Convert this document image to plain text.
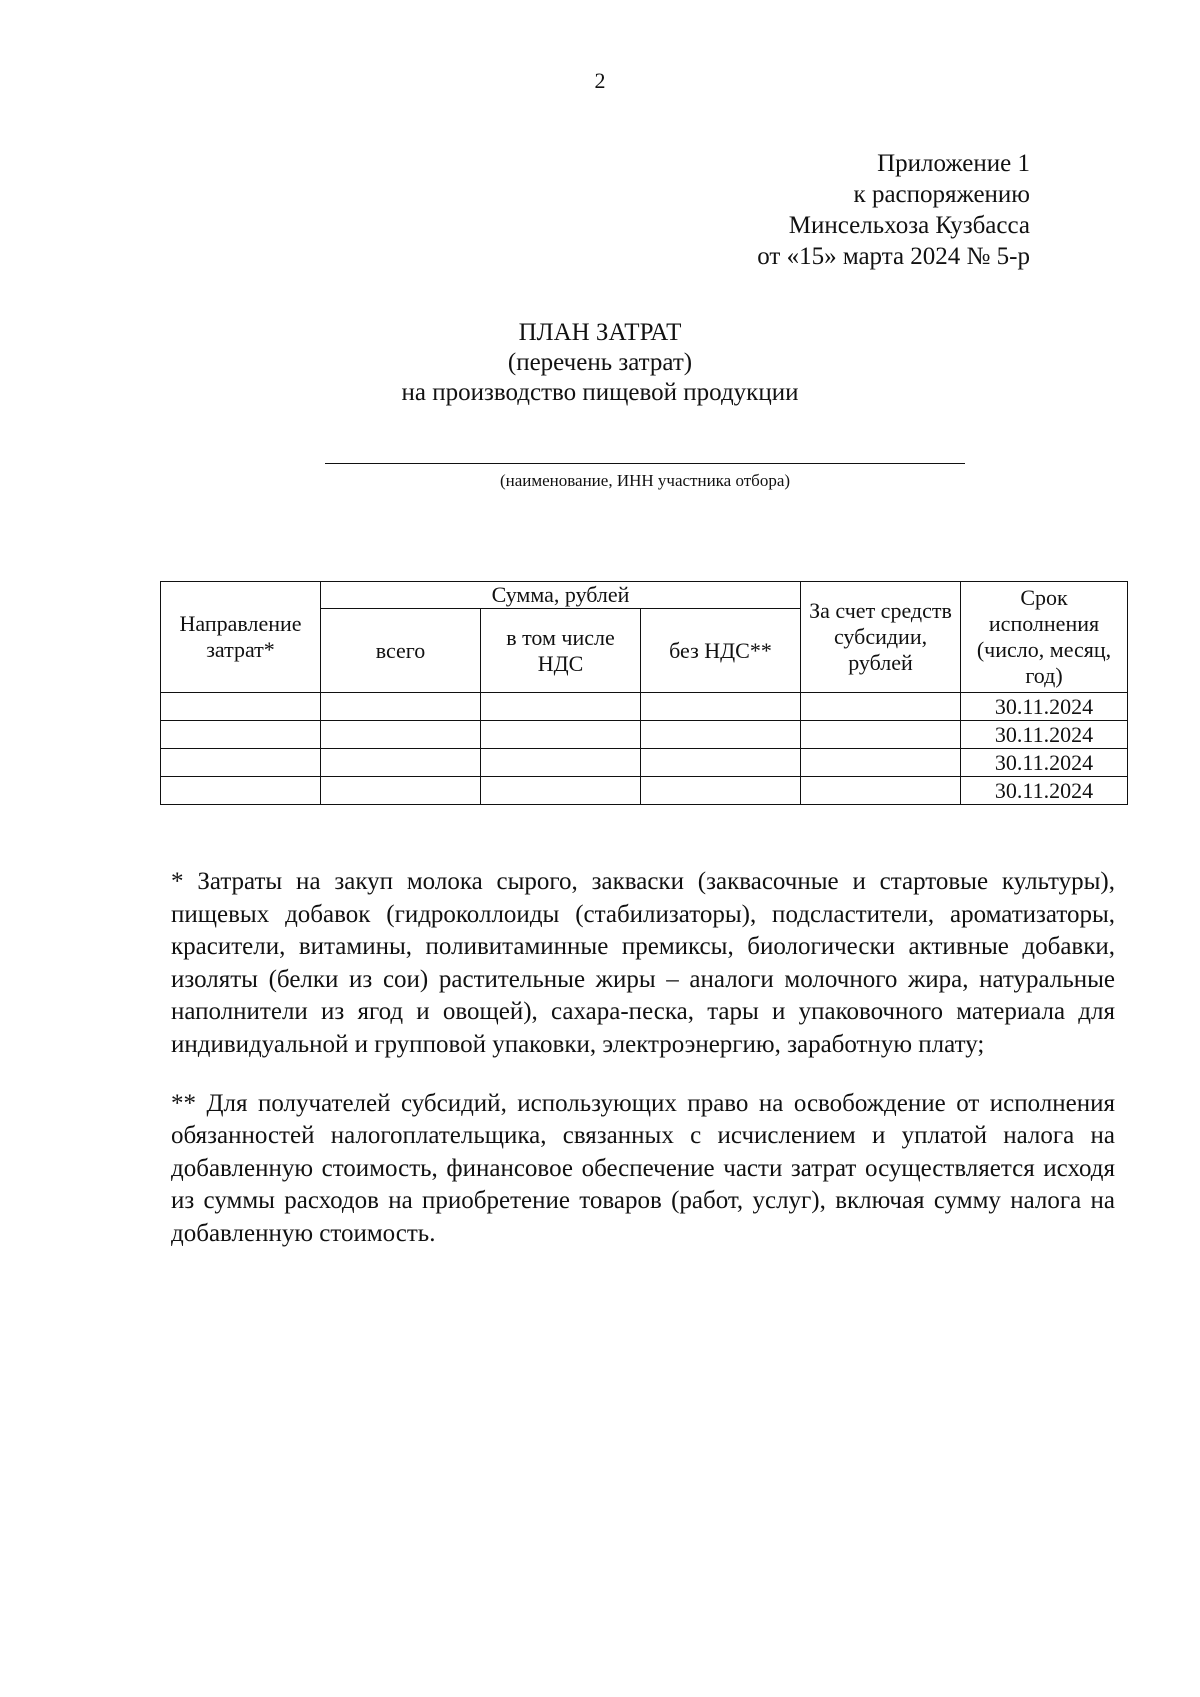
2
Приложение 1
к распоряжению
Минсельхоза Кузбасса
от «15» марта 2024 № 5-р
ПЛАН ЗАТРАТ
(перечень затрат)
на производство пищевой продукции
(наименование, ИНН участника отбора)
Направление затрат*	Сумма, рублей			За счет средств субсидии, рублей	Срок исполнения (число, месяц, год)
	всего	в том числе НДС	без НДС**		
					30.11.2024
					30.11.2024
					30.11.2024
					30.11.2024

* Затраты на закуп молока сырого, закваски (заквасочные и стартовые культуры), пищевых добавок (гидроколлоиды (стабилизаторы), подсластители, ароматизаторы, красители, витамины, поливитаминные премиксы, биологически активные добавки, изоляты (белки из сои) растительные жиры – аналоги молочного жира, натуральные наполнители из ягод и овощей), сахара-песка, тары и упаковочного материала для индивидуальной и групповой упаковки, электроэнергию, заработную плату;

** Для получателей субсидий, использующих право на освобождение от исполнения обязанностей налогоплательщика, связанных с исчислением и уплатой налога на добавленную стоимость, финансовое обеспечение части затрат осуществляется исходя из суммы расходов на приобретение товаров (работ, услуг), включая сумму налога на добавленную стоимость.
